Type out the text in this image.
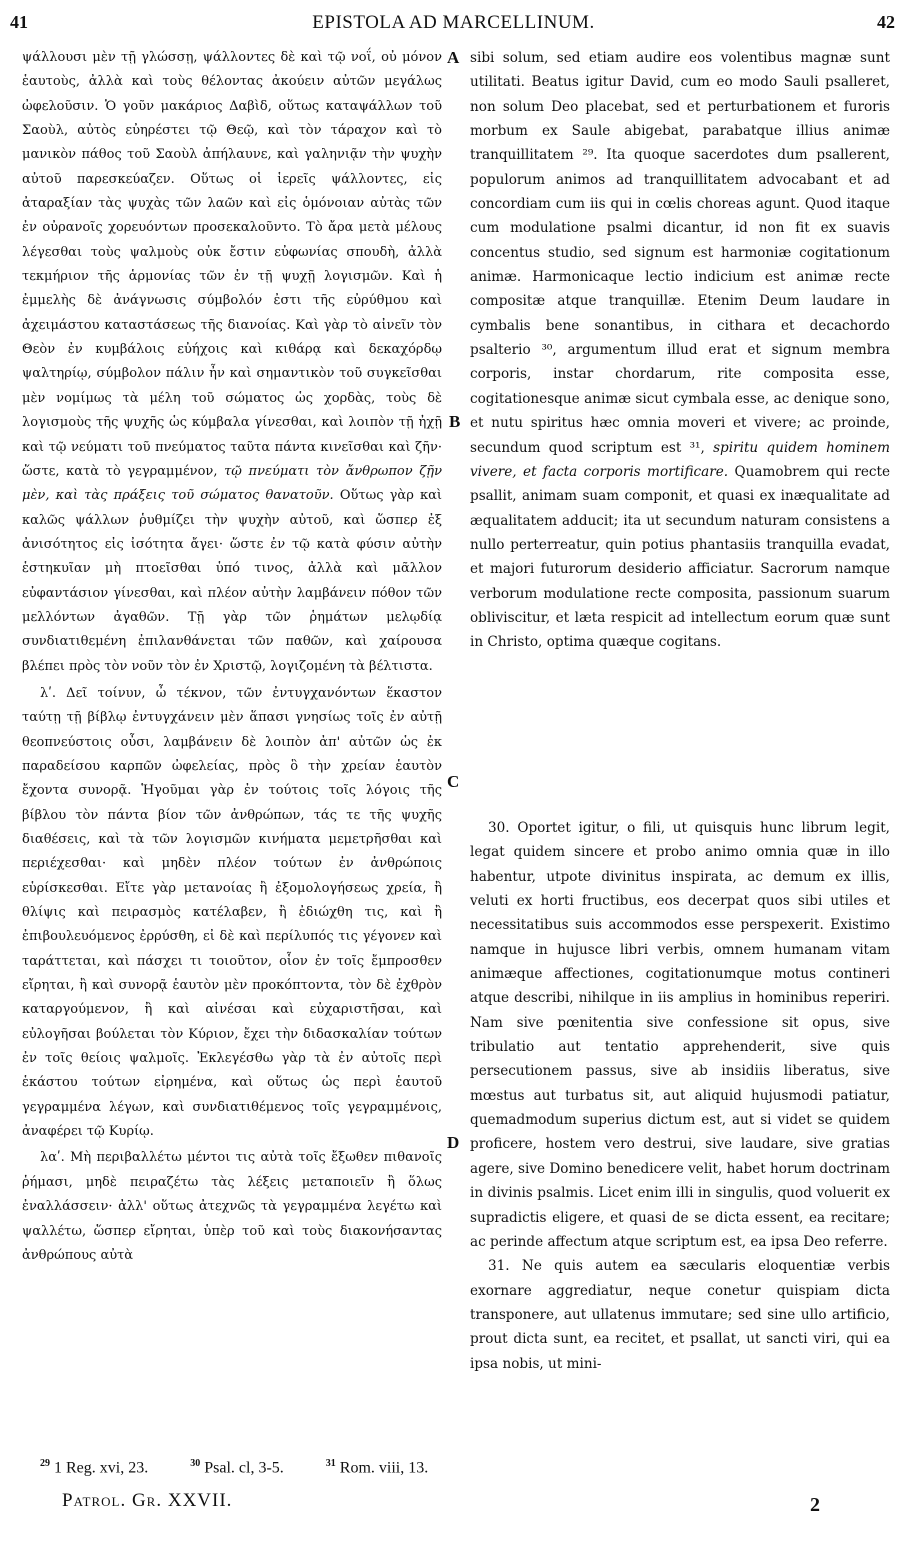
41	EPISTOLA AD MARCELLINUM.	42

ψάλλουσι μὲν τῇ γλώσσῃ, ψάλλοντες δὲ καὶ τῷ νοΐ, οὐ μόνον ἑαυτοὺς, ἀλλὰ καὶ τοὺς θέλοντας ἀκούειν αὐτῶν μεγάλως ὠφελοῦσιν. Ὁ γοῦν μακάριος Δαβὶδ, οὕτως καταψάλλων τοῦ Σαοὺλ, αὐτὸς εὐηρέστει τῷ Θεῷ, καὶ τὸν τάραχον καὶ τὸ μανικὸν πάθος τοῦ Σαοὺλ ἀπήλαυνε, καὶ γαληνιᾷν τὴν ψυχὴν αὐτοῦ παρεσκεύαζεν. Οὕτως οἱ ἱερεῖς ψάλλοντες, εἰς ἀταραξίαν τὰς ψυχὰς τῶν λαῶν καὶ εἰς ὁμόνοιαν αὐτὰς τῶν ἐν οὐρανοῖς χορευόντων προσεκαλοῦντο. Τὸ ἄρα μετὰ μέλους λέγεσθαι τοὺς ψαλμοὺς οὐκ ἔστιν εὐφωνίας σπουδὴ, ἀλλὰ τεκμήριον τῆς ἁρμονίας τῶν ἐν τῇ ψυχῇ λογισμῶν. Καὶ ἡ ἐμμελὴς δὲ ἀνάγνωσις σύμβολόν ἐστι τῆς εὐρύθμου καὶ ἀχειμάστου καταστάσεως τῆς διανοίας. Καὶ γὰρ τὸ αἰνεῖν τὸν Θεὸν ἐν κυμβάλοις εὐήχοις καὶ κιθάρᾳ καὶ δεκαχόρδῳ ψαλτηρίῳ, σύμβολον πάλιν ἦν καὶ σημαντικὸν τοῦ συγκεῖσθαι μὲν νομίμως τὰ μέλη τοῦ σώματος ὡς χορδὰς, τοὺς δὲ λογισμοὺς τῆς ψυχῆς ὡς κύμβαλα γίνεσθαι, καὶ λοιπὸν τῇ ἠχῇ καὶ τῷ νεύματι τοῦ πνεύματος ταῦτα πάντα κινεῖσθαι καὶ ζῆν· ὥστε, κατὰ τὸ γεγραμμένον, τῷ πνεύματι τὸν ἄνθρωπον ζῇν μὲν, καὶ τὰς πράξεις τοῦ σώματος θανατοῦν. Οὕτως γὰρ καὶ καλῶς ψάλλων ῥυθμίζει τὴν ψυχὴν αὐτοῦ, καὶ ὥσπερ ἐξ ἀνισότητος εἰς ἰσότητα ἄγει· ὥστε ἐν τῷ κατὰ φύσιν αὐτὴν ἑστηκυῖαν μὴ πτοεῖσθαι ὑπό τινος, ἀλλὰ καὶ μᾶλλον εὐφαντάσιον γίνεσθαι, καὶ πλέον αὐτὴν λαμβάνειν πόθον τῶν μελλόντων ἀγαθῶν. Τῇ γὰρ τῶν ῥημάτων μελῳδίᾳ συνδιατιθεμένη ἐπιλανθάνεται τῶν παθῶν, καὶ χαίρουσα βλέπει πρὸς τὸν νοῦν τὸν ἐν Χριστῷ, λογιζομένη τὰ βέλτιστα.

λʹ. Δεῖ τοίνυν, ὦ τέκνον, τῶν ἐντυγχανόντων ἕκαστον ταύτῃ τῇ βίβλῳ ἐντυγχάνειν μὲν ἅπασι γνησίως τοῖς ἐν αὐτῇ θεοπνεύστοις οὖσι, λαμβάνειν δὲ λοιπὸν ἀπ' αὐτῶν ὡς ἐκ παραδείσου καρπῶν ὠφελείας, πρὸς ὃ τὴν χρείαν ἑαυτὸν ἔχοντα συνορᾷ. Ἡγοῦμαι γὰρ ἐν τούτοις τοῖς λόγοις τῆς βίβλου τὸν πάντα βίον τῶν ἀνθρώπων, τάς τε τῆς ψυχῆς διαθέσεις, καὶ τὰ τῶν λογισμῶν κινήματα μεμετρῆσθαι καὶ περιέχεσθαι· καὶ μηδὲν πλέον τούτων ἐν ἀνθρώποις εὑρίσκεσθαι. Εἴτε γὰρ μετανοίας ἢ ἐξομολογήσεως χρεία, ἢ θλίψις καὶ πειρασμὸς κατέλαβεν, ἢ ἐδιώχθη τις, καὶ ἢ ἐπιβουλευόμενος ἐρρύσθη, εἰ δὲ καὶ περίλυπός τις γέγονεν καὶ ταράττεται, καὶ πάσχει τι τοιοῦτον, οἷον ἐν τοῖς ἔμπροσθεν εἴρηται, ἢ καὶ συνορᾷ ἑαυτὸν μὲν προκόπτοντα, τὸν δὲ ἐχθρὸν καταργούμενον, ἢ καὶ αἰνέσαι καὶ εὐχαριστῆσαι, καὶ εὐλογῆσαι βούλεται τὸν Κύριον, ἔχει τὴν διδασκαλίαν τούτων ἐν τοῖς θείοις ψαλμοῖς. Ἐκλεγέσθω γὰρ τὰ ἐν αὐτοῖς περὶ ἑκάστου τούτων εἰρημένα, καὶ οὕτως ὡς περὶ ἑαυτοῦ γεγραμμένα λέγων, καὶ συνδιατιθέμενος τοῖς γεγραμμένοις, ἀναφέρει τῷ Κυρίῳ.

λαʹ. Μὴ περιβαλλέτω μέντοι τις αὐτὰ τοῖς ἔξωθεν πιθανοῖς ῥήμασι, μηδὲ πειραζέτω τὰς λέξεις μεταποιεῖν ἢ ὅλως ἐναλλάσσειν· ἀλλ' οὕτως ἀτεχνῶς τὰ γεγραμμένα λεγέτω καὶ ψαλλέτω, ὥσπερ εἴρηται, ὑπὲρ τοῦ καὶ τοὺς διακονήσαντας ἀνθρώπους αὐτὰ

sibi solum, sed etiam audire eos volentibus magnæ sunt utilitati. Beatus igitur David, cum eo modo Sauli psalleret, non solum Deo placebat, sed et perturbationem et furoris morbum ex Saule abigebat, parabatque illius animæ tranquillitatem ²⁹. Ita quoque sacerdotes dum psallerent, populorum animos ad tranquillitatem advocabant et ad concordiam cum iis qui in cœlis choreas agunt. Quod itaque cum modulatione psalmi dicantur, id non fit ex suavis concentus studio, sed signum est harmoniæ cogitationum animæ. Harmonicaque lectio indicium est animæ recte compositæ atque tranquillæ. Etenim Deum laudare in cymbalis bene sonantibus, in cithara et decachordo psalterio ³⁰, argumentum illud erat et signum membra corporis, instar chordarum, rite composita esse, cogitationesque animæ sicut cymbala esse, ac denique sono, et nutu spiritus hæc omnia moveri et vivere; ac proinde, secundum quod scriptum est ³¹, spiritu quidem hominem vivere, et facta corporis mortificare. Quamobrem qui recte psallit, animam suam componit, et quasi ex inæqualitate ad æqualitatem adducit; ita ut secundum naturam consistens a nullo perterreatur, quin potius phantasiis tranquilla evadat, et majori futurorum desiderio afficiatur. Sacrorum namque verborum modulatione recte composita, passionum suarum obliviscitur, et læta respicit ad intellectum eorum quæ sunt in Christo, optima quæque cogitans.

30. Oportet igitur, o fili, ut quisquis hunc librum legit, legat quidem sincere et probo animo omnia quæ in illo habentur, utpote divinitus inspirata, ac demum ex illis, veluti ex horti fructibus, eos decerpat quos sibi utiles et necessitatibus suis accommodos esse perspexerit. Existimo namque in hujusce libri verbis, omnem humanam vitam animæque affectiones, cogitationumque motus contineri atque describi, nihilque in iis amplius in hominibus reperiri. Nam sive pœnitentia sive confessione sit opus, sive tribulatio aut tentatio apprehenderit, sive quis persecutionem passus, sive ab insidiis liberatus, sive mœstus aut turbatus sit, aut aliquid hujusmodi patiatur, quemadmodum superius dictum est, aut si videt se quidem proficere, hostem vero destrui, sive laudare, sive gratias agere, sive Domino benedicere velit, habet horum doctrinam in divinis psalmis. Licet enim illi in singulis, quod voluerit ex supradictis eligere, et quasi de se dicta essent, ea recitare; ac perinde affectum atque scriptum est, ea ipsa Deo referre.

31. Ne quis autem ea sæcularis eloquentiæ verbis exornare aggrediatur, neque conetur quispiam dicta transponere, aut ullatenus immutare; sed sine ullo artificio, prout dicta sunt, ea recitet, et psallat, ut sancti viri, qui ea ipsa nobis, ut mini-

A
B
C
D
$^{29}$ 1 Reg. xvi, 23.	$^{30}$ Psal. cl, 3-5.	$^{31}$ Rom. viii, 13.
Patrol. Gr. XXVII.	2
